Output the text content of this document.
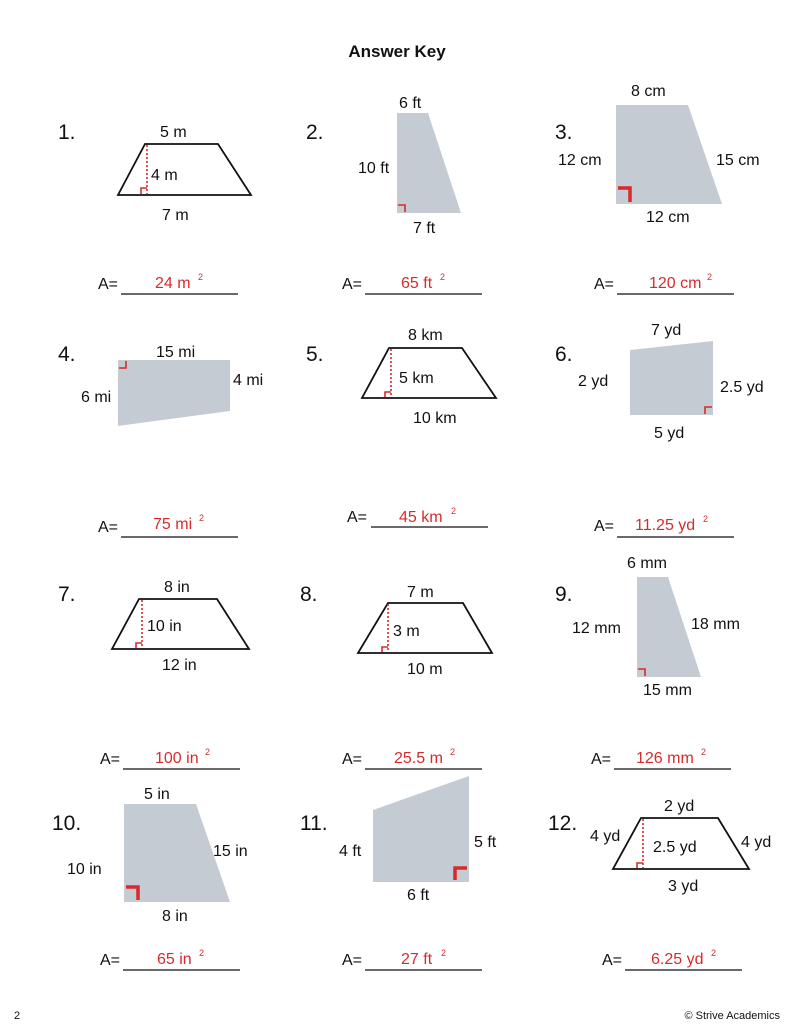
Answer Key
1.	5 m
4 m
7 m
A= 24 m 2
2.
6 ft
10 ft
7 ft
A= 65 ft 2
3.
8 cm
12 cm	15 cm
12 cm
A= 120 cm 2
4.	15 mi
4 mi
6 mi
A= 75 mi 2
5.
8 km
5 km
10 km
A= 45 km 2
6.
7 yd
2 yd	2.5 yd
5 yd
A= 11.25 yd 2
7.	8 in
10 in
12 in
A= 100 in 2
8.	7 m
3 m
10 m
A= 25.5 m 2
9.
6 mm
12 mm	18 mm
15 mm
A= 126 mm 2
10.
5 in
10 in
15 in
8 in
A= 65 in 2
11.
4 ft
5 ft
6 ft
A= 27 ft 2
12.
2 yd
4 yd
2.5 yd	4 yd
3 yd
A= 6.25 yd 2
2	© Strive Academics
